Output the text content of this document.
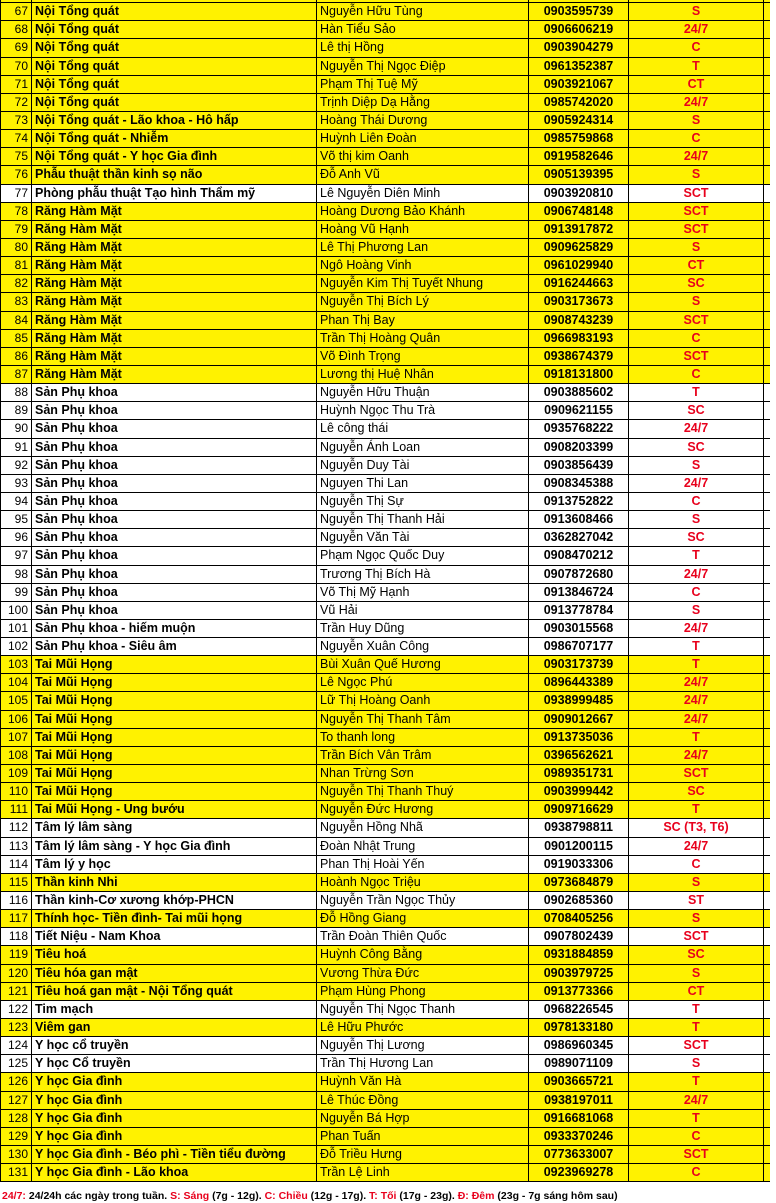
67 Nội Tổng quát	Nguyễn Hữu Tùng	0903595739	S
68 Nội Tổng quát	Hàn Tiểu Sảo	0906606219	24/7
69 Nội Tổng quát	Lê thị Hồng	0903904279	C
70 Nội Tổng quát	Nguyễn Thị Ngọc Điệp	0961352387	T
71 Nội Tổng quát	Phạm Thị Tuệ Mỹ	0903921067	CT
72 Nội Tổng quát	Trịnh Diệp Dạ Hằng	0985742020	24/7
73 Nội Tổng quát - Lão khoa - Hô hấp	Hoàng Thái Dương	0905924314	S
74 Nội Tổng quát - Nhiễm	Huỳnh Liên Đoàn	0985759868	C
75 Nội Tổng quát - Y học Gia đình	Võ thị kim Oanh	0919582646	24/7
76 Phẫu thuật thần kinh sọ não	Đỗ Anh Vũ	0905139395	S
77 Phòng phẫu thuật Tạo hình Thẩm mỹ	Lê Nguyễn Diên Minh	0903920810	SCT
78 Răng Hàm Mặt	Hoàng Dương Bảo Khánh	0906748148	SCT
79 Răng Hàm Mặt	Hoàng Vũ Hạnh	0913917872	SCT
80 Răng Hàm Mặt	Lê Thị Phương Lan	0909625829	S
81 Răng Hàm Mặt	Ngô Hoàng Vinh	0961029940	CT
82 Răng Hàm Mặt	Nguyễn Kim Thị Tuyết Nhung	0916244663	SC
83 Răng Hàm Mặt	Nguyễn Thị Bích Lý	0903173673	S
84 Răng Hàm Mặt	Phan Thị Bay	0908743239	SCT
85 Răng Hàm Mặt	Trần Thị Hoàng Quân	0966983193	C
86 Răng Hàm Mặt	Võ Đình Trọng	0938674379	SCT
87 Răng Hàm Mặt	Lương thị Huệ Nhân	0918131800	C
88 Sản Phụ khoa	Nguyễn Hữu Thuận	0903885602	T
89 Sản Phụ khoa	Huỳnh Ngọc Thu Trà	0909621155	SC
90 Sản Phụ khoa	Lê công thái	0935768222	24/7
91 Sản Phụ khoa	Nguyễn Ánh Loan	0908203399	SC
92 Sản Phụ khoa	Nguyễn Duy Tài	0903856439	S
93 Sản Phụ khoa	Nguyen Thi Lan	0908345388	24/7
94 Sản Phụ khoa	Nguyễn Thị Sự	0913752822	C
95 Sản Phụ khoa	Nguyễn Thị Thanh Hải	0913608466	S
96 Sản Phụ khoa	Nguyễn Văn Tài	0362827042	SC
97 Sản Phụ khoa	Phạm Ngọc Quốc Duy	0908470212	T
98 Sản Phụ khoa	Trương Thị Bích Hà	0907872680	24/7
99 Sản Phụ khoa	Võ Thị Mỹ Hạnh	0913846724	C
100 Sản Phụ khoa	Vũ Hải	0913778784	S
101 Sản Phụ khoa - hiếm muộn	Trần Huy Dũng	0903015568	24/7
102 Sản Phụ khoa - Siêu âm	Nguyễn Xuân Công	0986707177	T
103 Tai Mũi Họng	Bùi Xuân Quế Hương	0903173739	T
104 Tai Mũi Họng	Lê Ngọc Phú	0896443389	24/7
105 Tai Mũi Họng	Lữ Thị Hoàng Oanh	0938999485	24/7
106 Tai Mũi Họng	Nguyễn Thị Thanh Tâm	0909012667	24/7
107 Tai Mũi Họng	To thanh long	0913735036	T
108 Tai Mũi Họng	Trần Bích Vân Trâm	0396562621	24/7
109 Tai Mũi Họng	Nhan Trừng Sơn	0989351731	SCT
110 Tai Mũi Họng	Nguyễn Thị Thanh Thuý	0903999442	SC
111 Tai Mũi Họng - Ung bướu	Nguyễn Đức Hương	0909716629	T
112 Tâm lý lâm sàng	Nguyễn Hồng Nhã	0938798811	SC (T3, T6)
113 Tâm lý lâm sàng - Y học Gia đình	Đoàn Nhật Trung	0901200115	24/7
114 Tâm lý y học	Phan Thị Hoài Yến	0919033306	C
115 Thần kinh Nhi	Hoành Ngọc Triệu	0973684879	S
116 Thần kinh-Cơ xương khớp-PHCN	Nguyễn Trần Ngọc Thủy	0902685360	ST
117 Thính học- Tiền đình- Tai mũi họng	Đỗ Hồng Giang	0708405256	S
118 Tiết Niệu - Nam Khoa	Trần Đoàn Thiên Quốc	0907802439	SCT
119 Tiêu hoá	Huỳnh Công Bằng	0931884859	SC
120 Tiêu hóa gan mật	Vương Thừa Đức	0903979725	S
121 Tiêu hoá gan mật - Nội Tổng quát	Phạm Hùng Phong	0913773366	CT
122 Tim mạch	Nguyễn Thị Ngọc Thanh	0968226545	T
123 Viêm gan	Lê Hữu Phước	0978133180	T
124 Y học cổ truyền	Nguyễn Thị Lương	0986960345	SCT
125 Y học Cổ truyền	Trần Thị Hương Lan	0989071109	S
126 Y học Gia đình	Huỳnh Văn Hà	0903665721	T
127 Y học Gia đình	Lê Thúc Đồng	0938197011	24/7
128 Y học Gia đình	Nguyễn Bá Hợp	0916681068	T
129 Y học Gia đình	Phan Tuấn	0933370246	C
130 Y học Gia đình - Béo phì - Tiền tiểu đường	Đỗ Triều Hưng	0773633007	SCT
131 Y học Gia đình - Lão khoa	Trần Lệ Linh	0923969278	C
24/7: 24/24h các ngày trong tuần. S: Sáng (7g - 12g). C: Chiều (12g - 17g). T: Tối (17g - 23g). Đ: Đêm (23g - 7g sáng hôm sau)
